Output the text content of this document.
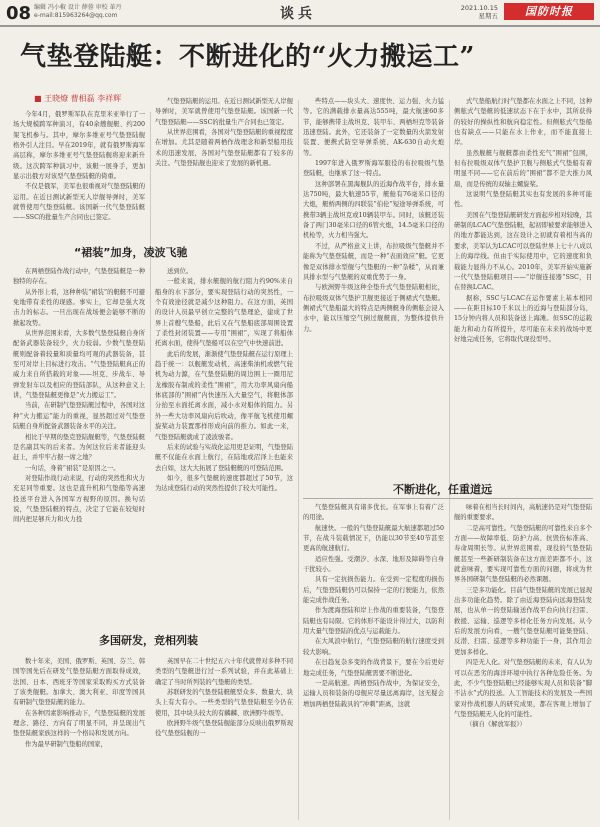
08 编辑 冯小椒 设计 薛蓉 审校 革丹
e-mail:815963264@qq.com	谈兵	2021.10.15
星期五	国防时报
气垫登陆艇：不断进化的“火力搬运工”
■ 王晓燎 曹相磊 李祥辉

今年4月，俄罗斯军队在克里米亚举行了一场大规模跨军种演习，有40余艘舰艇、约200架飞机参与。其中，摩尔多维亚号气垫登陆舰格外引人注目。早在2019年，就有俄罗斯海军高层称，摩尔多维亚号气垫登陆舰将迎来新升级。这次跨军种演习中，该艇一展身手，更加显示出俄方对该型气垫登陆艇的倚重。

不仅是俄军，美军也很重视对气垫登陆艇的运用。在近日测试新型无人岸舰导弹时，美军就曾使用气垫登陆艇。该国新一代气垫登陆艇——SSC的批量生产合同也已签定。

气垫登陆艇的运用。在近日测试新型无人岸舰导弹时，美军就曾使用气垫登陆艇。该国新一代气垫登陆艇——SSC的批量生产合同也已签定。

从世界范围看，各国对气垫登陆艇的重视程度在增加。尤其是随着两栖作战理念和新型船用技术的迅速发展，各国对气垫登陆艇都有了较多的关注。气垫登陆舰也迎来了发展的新机遇。

些特点——块头大、速度快、运力强、火力猛等。它的满载排水量高达555吨，最大航速60多节，能够携带主战坦克、装甲车、两栖坦克等装备迅速登陆。此外，它还装备了一定数量的火箭发射装置、便携式防空导弹系统、AK-630自动火炮等。

1997年进入俄罗斯海军服役的布拉吸级气垫登陆艇，也继承了这一特点。

这种部署在黑海舰队的近海作战平台，排水量达750吨，最大航速55节，艇舱有76毫米口径的大炮，艇桥两侧的四联装“伯伦”短途导弹系统，可携带3辆主战坦克或10辆装甲车。同时，该艇还装备了两门30毫米口径的6管火炮，14.5毫米口径的机枪等，火力相当强大。

不过，从严格意义上讲，布拉吸级气垫艇并不能称为气垫登陆艇，而是一种“表面效应”艇。它更像是双体排水型舰与气垫艇的一种“杂糅”，从而兼具排水型与气垫艇的双重优势于一身。

与欧洲野牛级这种全垫升式气垫登陆艇相比，布拉吸级双体气垫护卫舰更接近于侧裙式气垫艇。侧裙式气垫船最大的特点是两侧艇身的侧舷会浸入水中，能以压缩空气倒过舰艇面，为整体提供升力。

式气垫船航行时气垫都在水面之上不同，这种侧舷式气垫艇的低速状态下在于水中，其所获得的较好的操纵性和航向稳定性。但侧舷式气垫船也有缺点——只能在水上作业，而不能直接上岸。

虽然舰艇与舰艇都由柔性充气“围裙”包围，但布拉吸级双体气垫护卫舰与侧舷式气垫船有着明显不同——它在前后的“围裙”都不是大推力风扇，而是传统的双轴主螺旋桨。

这说明气垫登陆艇其实也有发展的多种可能性。

美国在气垫登陆艇研发方面起步相对较晚，其研制的LCAC气垫登陆艇，起初即被要求能够进入的地方都能达到，这在设计之初就有着相当高的要求，美军认为LCAC可以登陆世界上七十八成以上的海岸线。但由于实际使用中，它的速度和负载能力显得力不从心。2010年，美军开始实施新一代气垫登陆艇项目——“岸舰连接器”SSC，目在替换LCAC。

据称，SSC与LCAC在运作要素上基本相同——在距目标10千米以上的近海与登陆部分岛，15分钟内将人员和装备送上海滩。但SSC的运载能力和动力有所提升，尽可能在未来的战场中更好地完成任务，它将取代现役型号。

“裙装”加身，凌波飞驰

在两栖登陆作战行动中，气垫登陆艇是一种独特的存在。

从外形上看，这种种装“裙装”的艇艇不可避免地带有柔性的现感。事实上，它却是强大攻击力的标志。一旦出现在战场便会能够不断的掀起攻势。

从世界范围来看，大多数气垫登陆艇自身所配备武器装备较少，火力较弱。少数气垫登陆艇则配备着较量和质量均可观的武器装备，甚至可对岸上目标进行攻击。“气垫登陆艇真正的威力来自所搭载的对象——坦克、步战车、导弹发射车以及相应的登陆部队，从这种意义上讲，气垫登陆艇更像是“火力搬运工”。

当前，在研制气垫登陆艇过程中，各国对这种“火力搬运”能力的重视，显然超过对气垫登陆艇自身所配备武器装备水平的关注。

相比于早期的垫克登陆舰艇等，气垫登陆艇是名副其实的后来者。为何这位后来者能迎头赶上，并牢牢占据一席之地？

一句话，身着“裙装”是原因之一。

对登陆作战行动来说，行动的突然性和火力充足同等重要。这也是直升机和气垫船等高速投送平台进入各国军方视野的原因。换句话说，气垫登陆艇的特点，决定了它能在较短时间内把足够兵力和火力投

送到位。

一般来说，排水艇舰的航行阻力约90%来自船身的水下部分，要实现登陆行动的突然性，一个有效途径就是减少这种阻力。在这方面，英国的设计人员最早创立完整的气垫理论，建成了世界上首艘气垫船，此后又在气垫船底部周围设置了柔性封闭装置——专用“围裙”，实现了将船体托离水面，使得气垫船可以在空气中快速前进。

此后的发展，渐渐使气垫登陆艇在运行原理上趋于统一：以舰艇发动机、高速柴油机或燃气轮机为动力源，在气垫登陆艇的周边围上一圈用尼龙橡胶布制成的柔性“围裙”，用大功率风扇向船体底部的“围裙”内快速压入大量空气，将艇体部分抬至水面托离水面，减小水对船体的阻力。另外一些大功率风扇向后吹动，像平航飞机使用螺旋桨动力装置那样形成向前的推力。如此一来，气垫登陆艇就成了凌波骏者。

后来的试验与实战化运用更是证明，气垫登陆艇不仅能在水面上航行，在陆地或沼泽上也能来去自如，这大大拓展了登陆艇艇的可登陆范围。

如今，很多气垫艇的速度都超过了50节，这为达成登陆行动的突然性提供了较大可能性。

多国研发，竞相列装

数十年来，美国、俄罗斯、英国、芬兰、韩国等国先后在研发气垫登陆艇方面取得成效，法国、日本、西班牙等国家采取购买方式装备了该类舰艇。加拿大、澳大利亚、印度等国具有研制气垫登陆艇的能力。

在各种因素影响推动下，气垫登陆艇的发展理念、路径、方向有了明显不同，并呈现出气垫登陆艇家族这样的一个格局和发展方向。

作为最早研制气垫船的国家，

英国早在二十世纪五六十年代就曾对多种不同类型的气垫艇进行过一系列试验，并在此基础上确定了当时所列装的气垫艇的类型。

苏联研发的气垫登陆艇艇型众多、数量大、块头上有大有小。一些类型的气垫登陆艇至今仍在使用，其中块头较大的有麟麟、欧洲野牛级等。

欧洲野牛级气垫登陆舰能部分反映出俄罗斯现役气垫登陆舰的一

不断进化，任重道远

气垫登陆艇具有诸多优长。在军事上有着广泛的用途。

航速快。一般的气垫登陆艇最大航速都超过50节，在战斗装载情况下，仍能以30节至40节甚至更高的航速航行。

适应性强。受潮汐、水深、地形及障碍等自身干扰较小。

具有一定抗损伤能力。在受到一定程度的损伤后，气垫登陆艇仍可以保持一定的行驶能力，依然能完成作战任务。

作为渡海登陆和岸上作战的重要装备，气垫登陆艇也有局限。它的体形不能设计得过大，以防利用大量气垫登陆的优点与运载能力。

在大风浪中航行，气垫登陆艇的航行速度受到较大影响。

在日趋复杂多变的作战背景下，要在今后更好地完成任务，气垫登陆艇需要不断进化。

一是高航速。两栖登陆作战中，为保证安全，运输人员和装备的母舰应尽量远离海岸，这无疑会增加两栖登陆载具的“冲刺”距离，这就

味着在相当长时间内，高航速仍是对气垫登陆舰的重要要求。

二是高可靠性。气垫登陆艇的可靠性来自多个方面——故障率低、防护力高、抗毁伤标准高、寿命周期长等。从世界范围看，现役的气垫登陆艇甚至一些新研制装备在这方面差距都不小，这就意味着，要实现可靠性方面的问题，将成为世界各国研制气垫登陆艇的必然课题。

三是多功能化。目前气垫登陆艇的发展已显现出多功能化趋势。除了由近海登陆向远海登陆发展，也从单一的登陆输送作战平台向执行扫雷、救援、运输、巡逻等多样化任务方向发展。从今后的发展方向看，一艘气垫登陆艇可能集登陆、反潜、扫雷、巡逻等多种功能于一身，其作用会更加多样化。

四是无人化。对气垫登陆艇的未来，有人认为可以在恶劣的海洋环境中执行各种危险任务。为此，不少气垫登陆艇已经能够实现人员和装备“脚不沾水”式的投送。人工智能技术的发展及一些国家对作战机器人的研究成果，都在客观上增加了气垫登陆艇无人化的可能性。

（摘自《解放军报》）
